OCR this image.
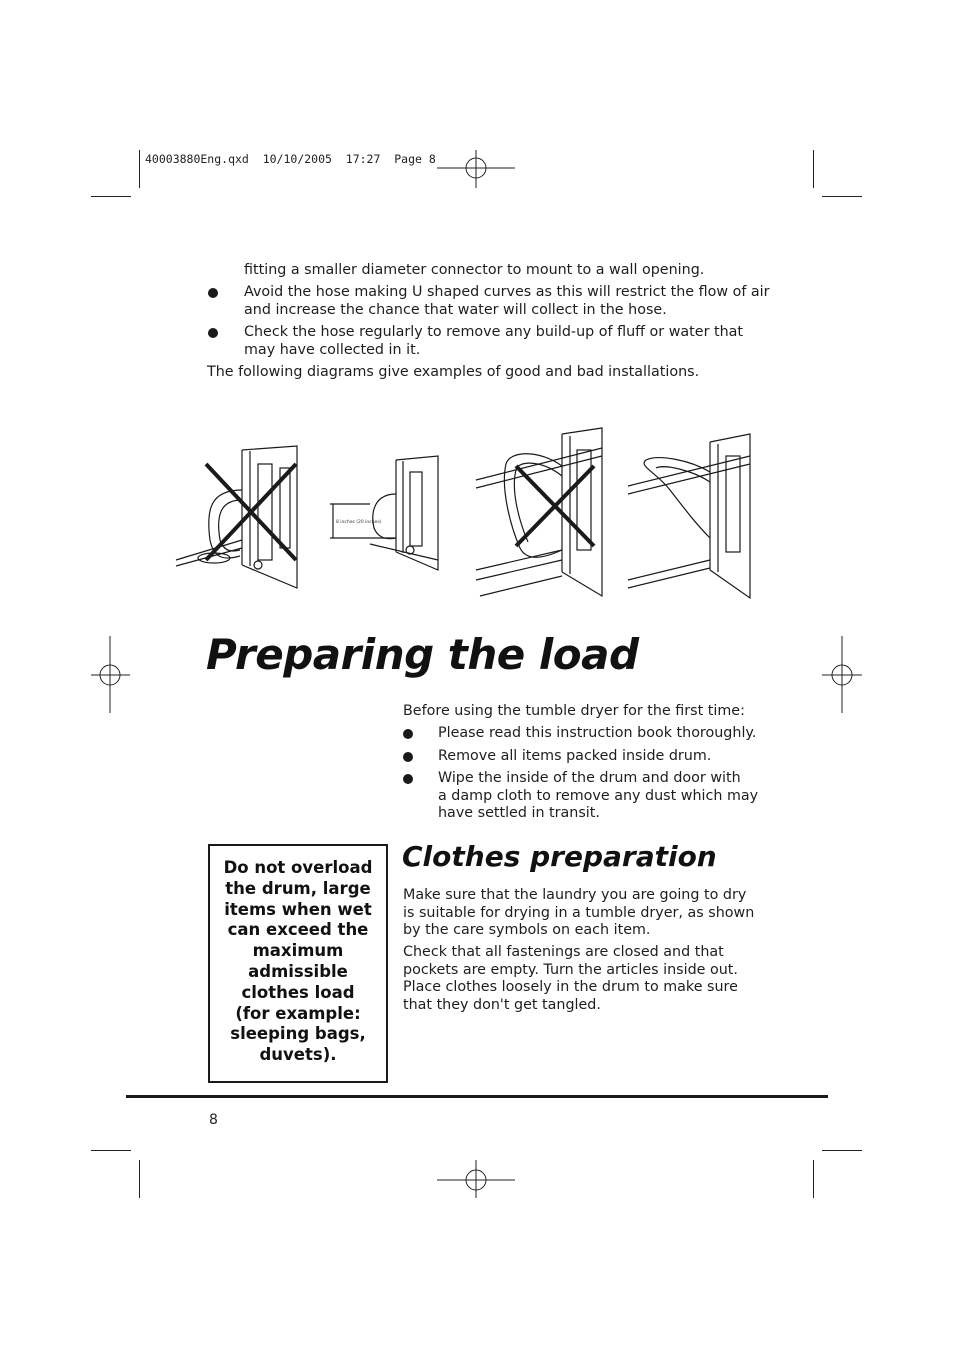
40003880Eng.qxd  10/10/2005  17:27  Page 8
fitting a smaller diameter connector to mount to a wall opening.
Avoid the hose making U shaped curves as this will restrict the flow of air
and increase the chance that water will collect in the hose.
Check the hose regularly to remove any build-up of fluff or water that
may have collected in it.
The following diagrams give examples of good and bad installations.
8 inches (20 inches)
Preparing the load
Before using the tumble dryer for the first time:
Please read this instruction book thoroughly.
Remove all items packed inside drum.
Wipe the inside of the drum and door with
a damp cloth to remove any dust which may
have settled in transit.
Do not overload
the drum, large
items when wet
can exceed the
maximum
admissible
clothes load
(for example:
sleeping bags,
duvets).
Clothes preparation
Make sure that the laundry you are going to dry
is suitable for drying in a tumble dryer, as shown
by the care symbols on each item.
Check that all fastenings are closed and that
pockets are empty. Turn the articles inside out.
Place clothes loosely in the drum to make sure
that they don't get tangled.
8
